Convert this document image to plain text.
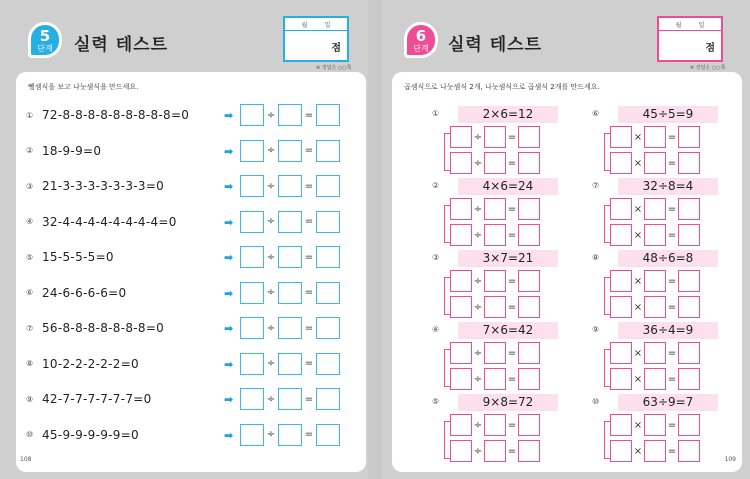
5
단계	실력 테스트
월	일
점
※ 정답은 ○○쪽
뺄셈식을 보고 나눗셈식을 만드세요.
① 72-8-8-8-8-8-8-8-8-8=0	➡	÷	=
② 18-9-9=0	➡	÷	=
③ 21-3-3-3-3-3-3-3=0	➡	÷	=
④ 32-4-4-4-4-4-4-4-4=0	➡	÷	=
⑤ 15-5-5-5=0	➡	÷	=
⑥ 24-6-6-6-6=0	➡	÷	=
⑦ 56-8-8-8-8-8-8-8=0	➡	÷	=
⑧ 10-2-2-2-2-2=0	➡	÷	=
⑨ 42-7-7-7-7-7-7=0	➡	÷	=
⑩ 45-9-9-9-9-9=0	➡	÷	=
108
6
단계	실력 테스트
월	일
점
※ 정답은 ○○쪽
곱셈식으로 나눗셈식 2개, 나눗셈식으로 곱셈식 2개를 만드세요.
①	2×6=12
÷	=
÷	=
②	4×6=24
÷	=
÷	=
③	3×7=21
÷	=
÷	=
④	7×6=42
÷	=
÷	=
⑤	9×8=72
÷	=
÷	=
⑥	45÷5=9
×	=
×	=
⑦	32÷8=4
×	=
×	=
⑧	48÷6=8
×	=
×	=
⑨	36÷4=9
×	=
×	=
⑩	63÷9=7
×	=
×	=
109
